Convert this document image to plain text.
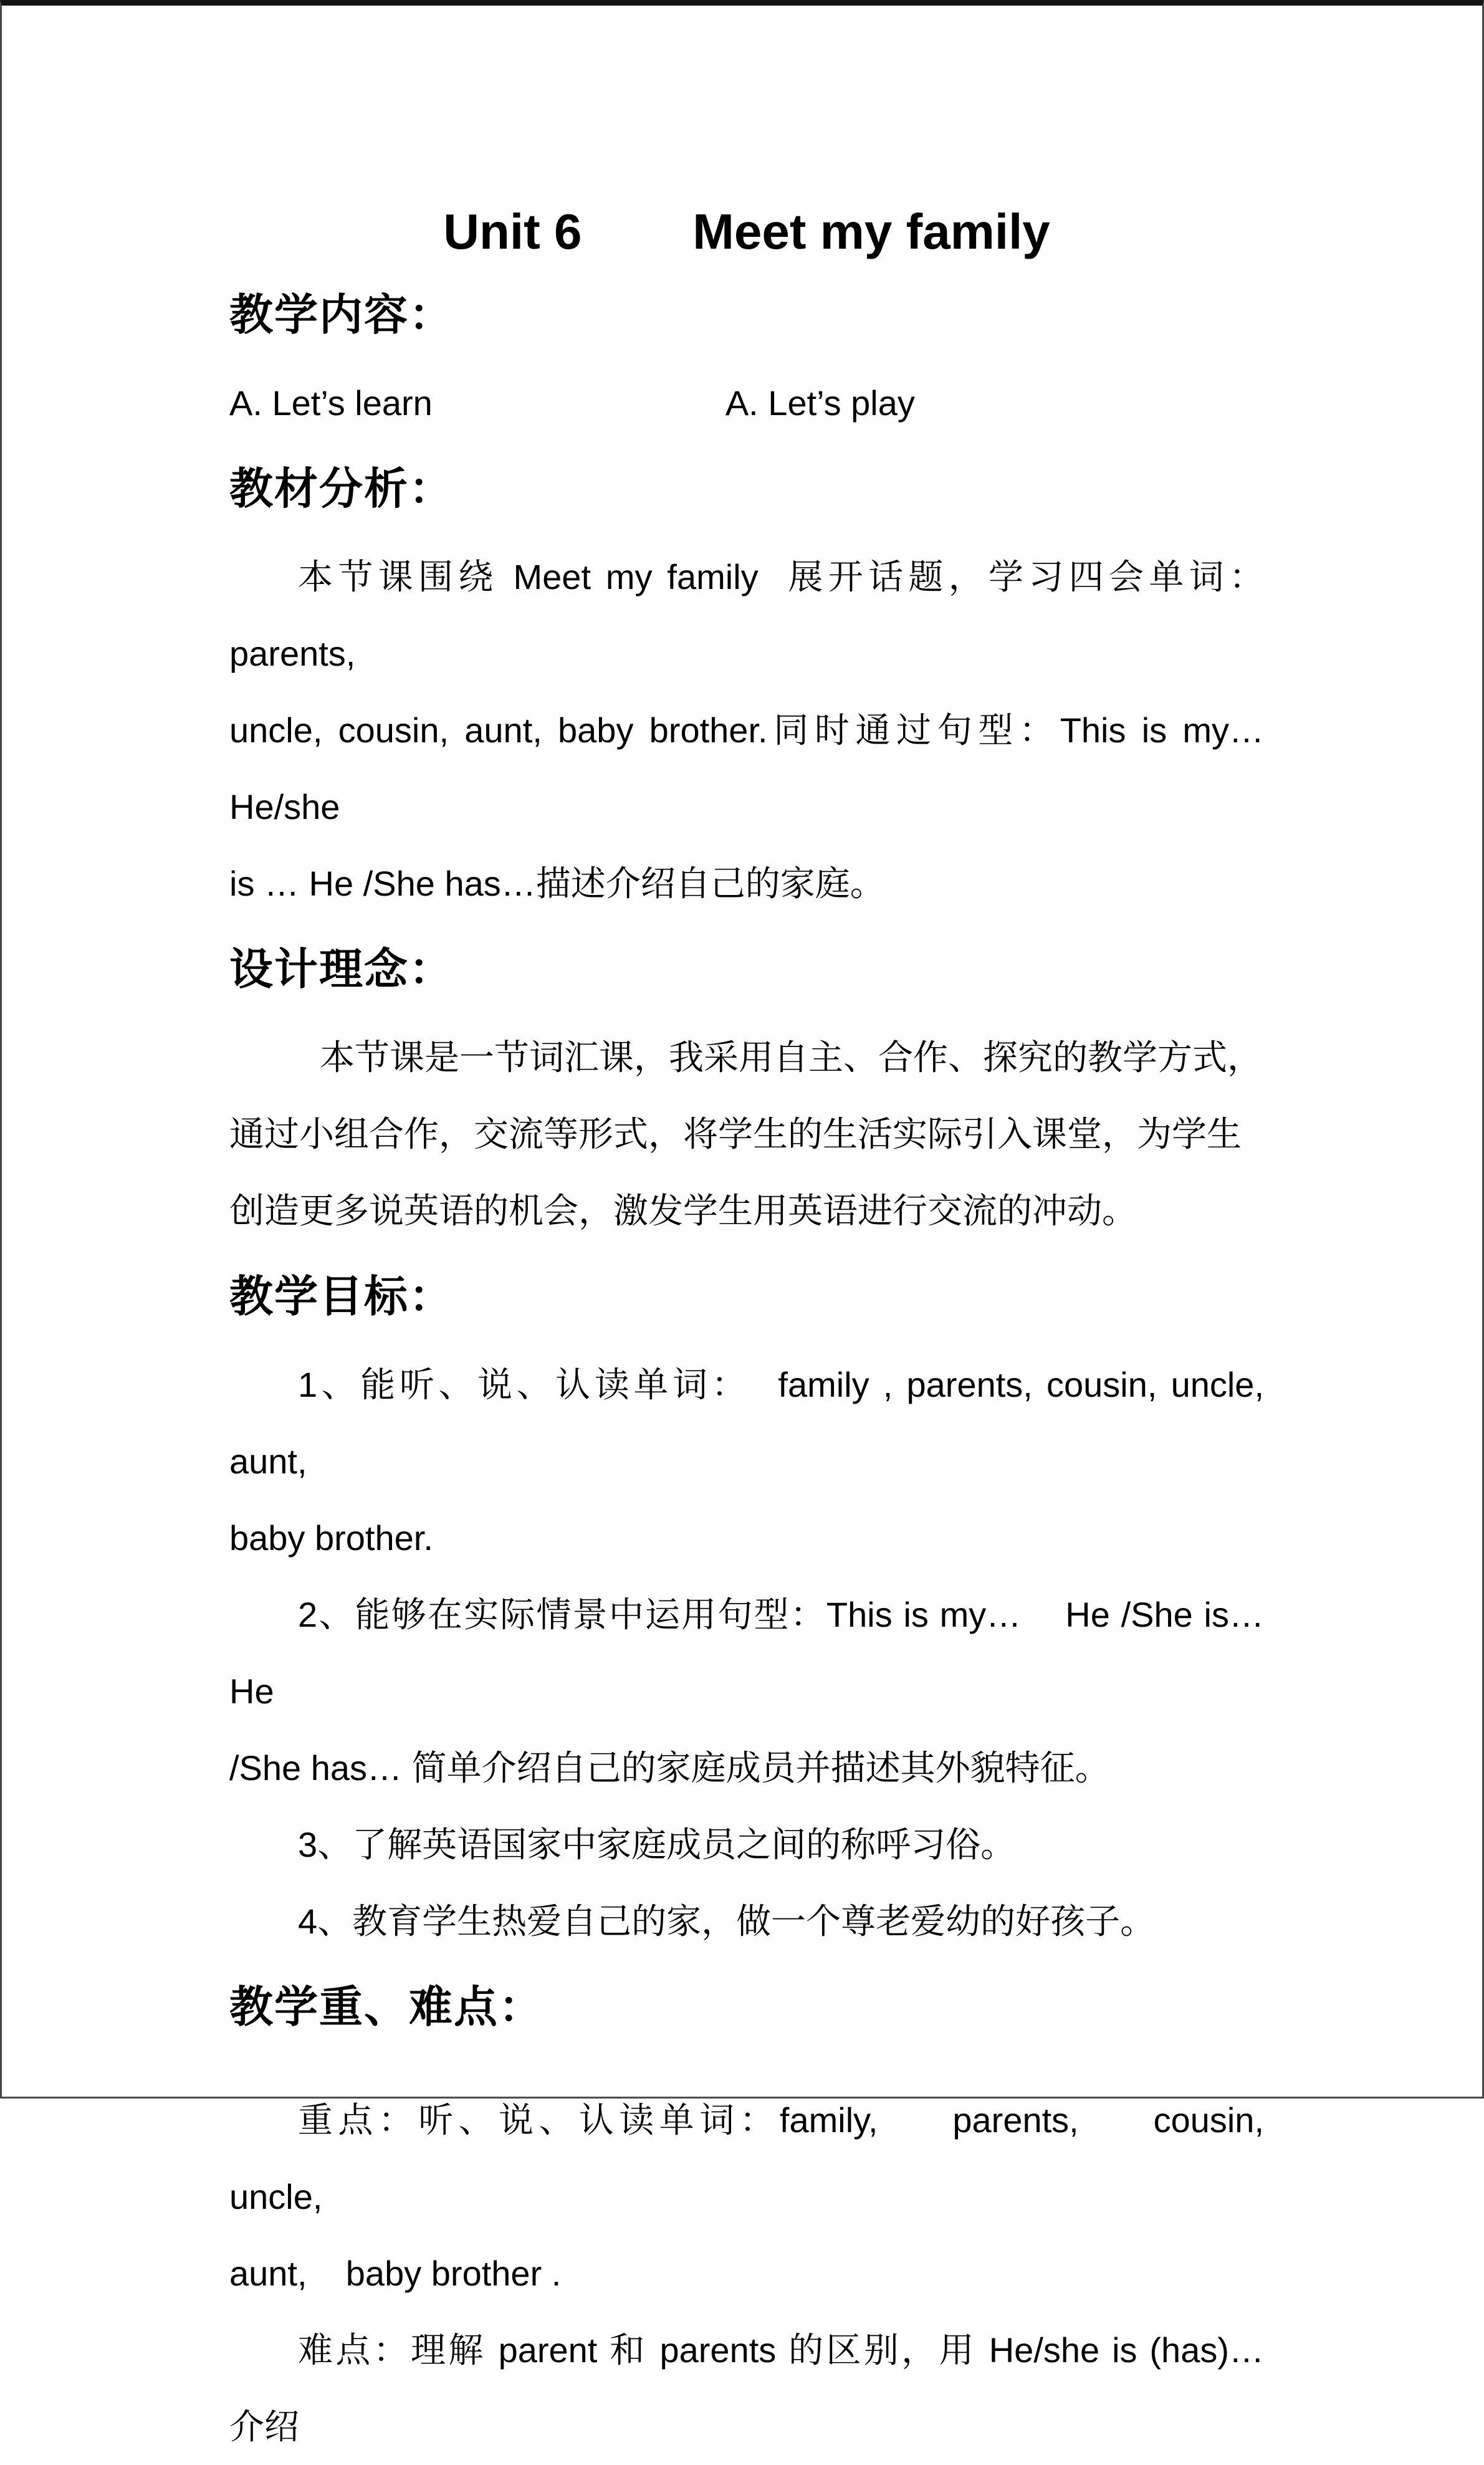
Unit 6        Meet my family
教学内容：

A. Let’s learn	A. Let’s play

教材分析：

本节课围绕 Meet my family  展开话题，学习四会单词：parents,

uncle, cousin, aunt, baby brother.同时通过句型：This is my…    He/she

is … He /She has…描述介绍自己的家庭。

设计理念：

本节课是一节词汇课，我采用自主、合作、探究的教学方式，

通过小组合作，交流等形式，将学生的生活实际引入课堂，为学生

创造更多说英语的机会，激发学生用英语进行交流的冲动。

教学目标：

1、能听、说、认读单词：  family , parents, cousin, uncle, aunt,

baby brother.

2、能够在实际情景中运用句型：This is my…    He /She is…    He

/She has… 简单介绍自己的家庭成员并描述其外貌特征。

3、了解英语国家中家庭成员之间的称呼习俗。

4、教育学生热爱自己的家，做一个尊老爱幼的好孩子。

教学重、难点：

重点：听、说、认读单词：family,     parents,     cousin,     uncle,

aunt,    baby brother .

难点：理解 parent 和 parents 的区别，用 He/she is (has)…  介绍
